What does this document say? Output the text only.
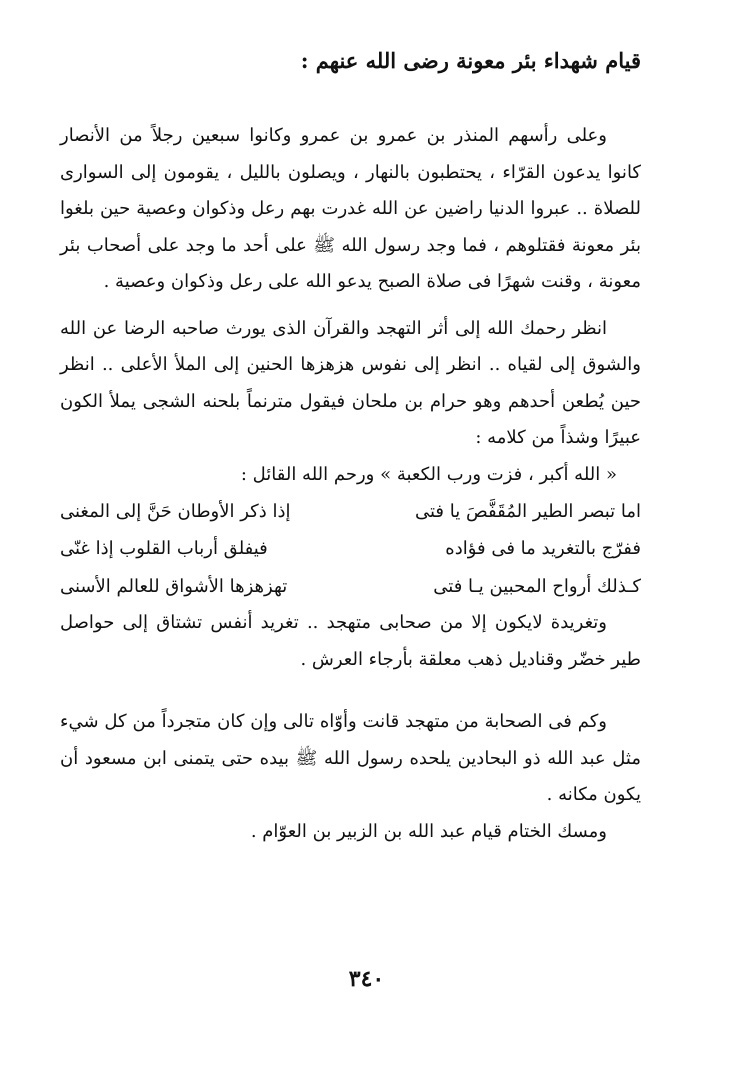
قيام شهداء بئر معونة رضى الله عنهم :

وعلى رأسهم المنذر بن عمرو بن عمرو وكانوا سبعين رجلاً من الأنصار كانوا يدعون القرّاء ، يحتطبون بالنهار ، ويصلون بالليل ، يقومون إلى السوارى للصلاة .. عبروا الدنيا راضين عن الله غدرت بهم رعل وذكوان وعصية حين بلغوا بئر معونة فقتلوهم ، فما وجد رسول الله ﷺ على أحد ما وجد على أصحاب بئر معونة ، وقنت شهرًا فى صلاة الصبح يدعو الله على رعل وذكوان وعصية .

انظر رحمك الله إلى أثر التهجد والقرآن الذى يورث صاحبه الرضا عن الله والشوق إلى لقياه .. انظر إلى نفوس هزهزها الحنين إلى الملأ الأعلى .. انظر حين يُطعن أحدهم وهو حرام بن ملحان فيقول مترنماً بلحنه الشجى يملأ الكون عبيرًا وشذاً من كلامه :

« الله أكبر ، فزت ورب الكعبة » ورحم الله القائل :
اما تبصر الطير المُقَفَّصَ يا فتى
إذا ذكر الأوطان حَنَّ إلى المغنى
ففرّج بالتغريد ما فى فؤاده
فيفلق أرباب القلوب إذا غنّى
كـذلك أرواح المحبين يـا فتى
تهزهزها الأشواق للعالم الأسنى

وتغريدة لايكون إلا من صحابى متهجد .. تغريد أنفس تشتاق إلى حواصل طير خضّر وقناديل ذهب معلقة بأرجاء العرش .

وكم فى الصحابة من متهجد قانت وأوّاه تالى وإن كان متجرداً من كل شيء مثل عبد الله ذو البحادين يلحده رسول الله ﷺ بيده حتى يتمنى ابن مسعود أن يكون مكانه .

ومسك الختام قيام عبد الله بن الزبير بن العوّام .

٣٤٠
